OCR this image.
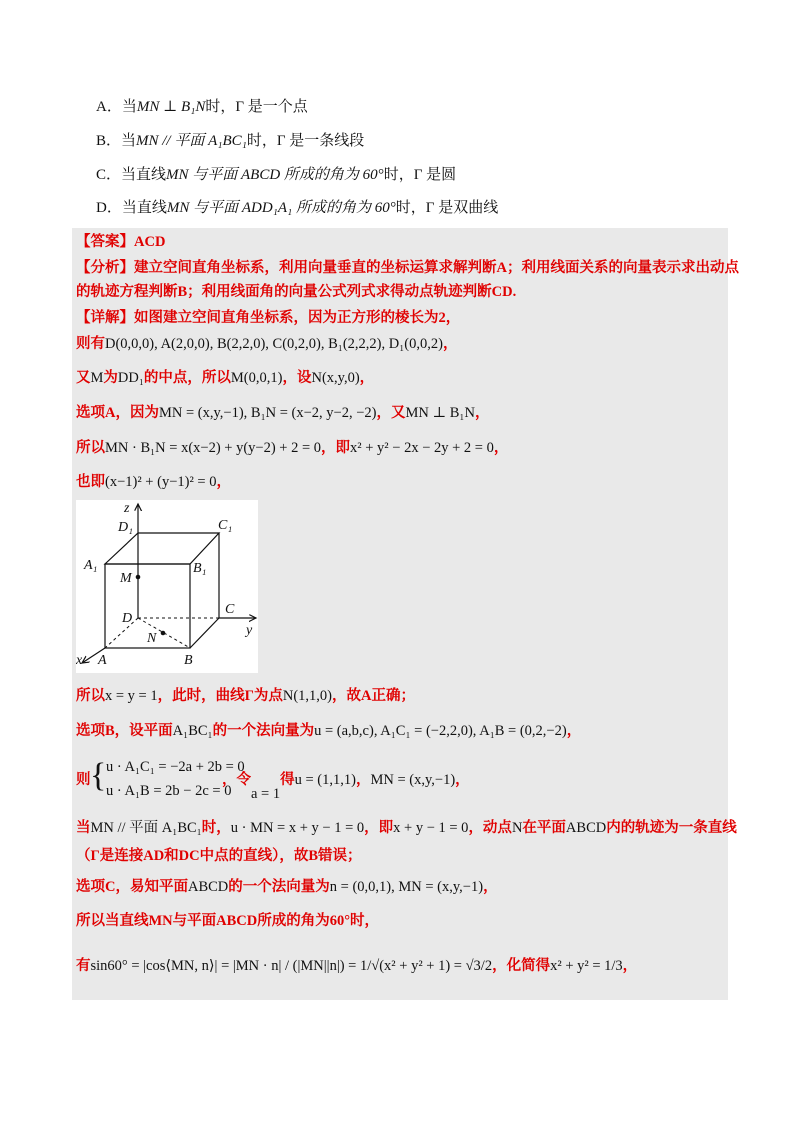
A．当MN ⊥ B₁N时，Γ 是一个点
B．当MN // 平面 A₁BC₁时，Γ 是一条线段
C．当直线MN 与平面 ABCD 所成的角为 60°时，Γ 是圆
D．当直线MN 与平面 ADD₁A₁ 所成的角为 60°时，Γ 是双曲线
【答案】ACD
【分析】建立空间直角坐标系，利用向量垂直的坐标运算求解判断A；利用线面关系的向量表示求出动点
的轨迹方程判断B；利用线面角的向量公式列式求得动点轨迹判断CD.
【详解】如图建立空间直角坐标系，因为正方形的棱长为2，
则有D(0,0,0), A(2,0,0), B(2,2,0), C(0,2,0), B₁(2,2,2), D₁(0,0,2)，
又M为DD₁的中点，所以M(0,0,1)，设N(x,y,0)，
选项A，因为MN = (x,y,−1), B₁N = (x−2, y−2, −2)，又MN ⊥ B₁N，
所以MN · B₁N = x(x−2) + y(y−2) + 2 = 0，即x² + y² − 2x − 2y + 2 = 0，
也即(x−1)² + (y−1)² = 0，
z
D₁	C₁
A₁	B₁
M
D
C
y
N
x A	B
所以x = y = 1，此时，曲线Γ为点N(1,1,0)，故A正确；
选项B，设平面A₁BC₁的一个法向量为u = (a,b,c), A₁C₁ = (−2,2,0), A₁B = (0,2,−2)，
则 { u · A₁C₁ = −2a + 2b = 0
u · A₁B = 2b − 2c = 0
，令a = 1得u = (1,1,1)，MN = (x,y,−1)，
当MN // 平面 A₁BC₁时，u · MN = x + y − 1 = 0，即x + y − 1 = 0，动点N在平面ABCD内的轨迹为一条直线
（Γ是连接AD和DC中点的直线），故B错误；
选项C，易知平面ABCD的一个法向量为n = (0,0,1), MN = (x,y,−1)，
所以当直线MN与平面ABCD所成的角为60°时，
有sin60° = |cos⟨MN, n⟩| = |MN · n| / (|MN||n|) = 1/√(x² + y² + 1) = √3/2，化简得x² + y² = 1/3，
